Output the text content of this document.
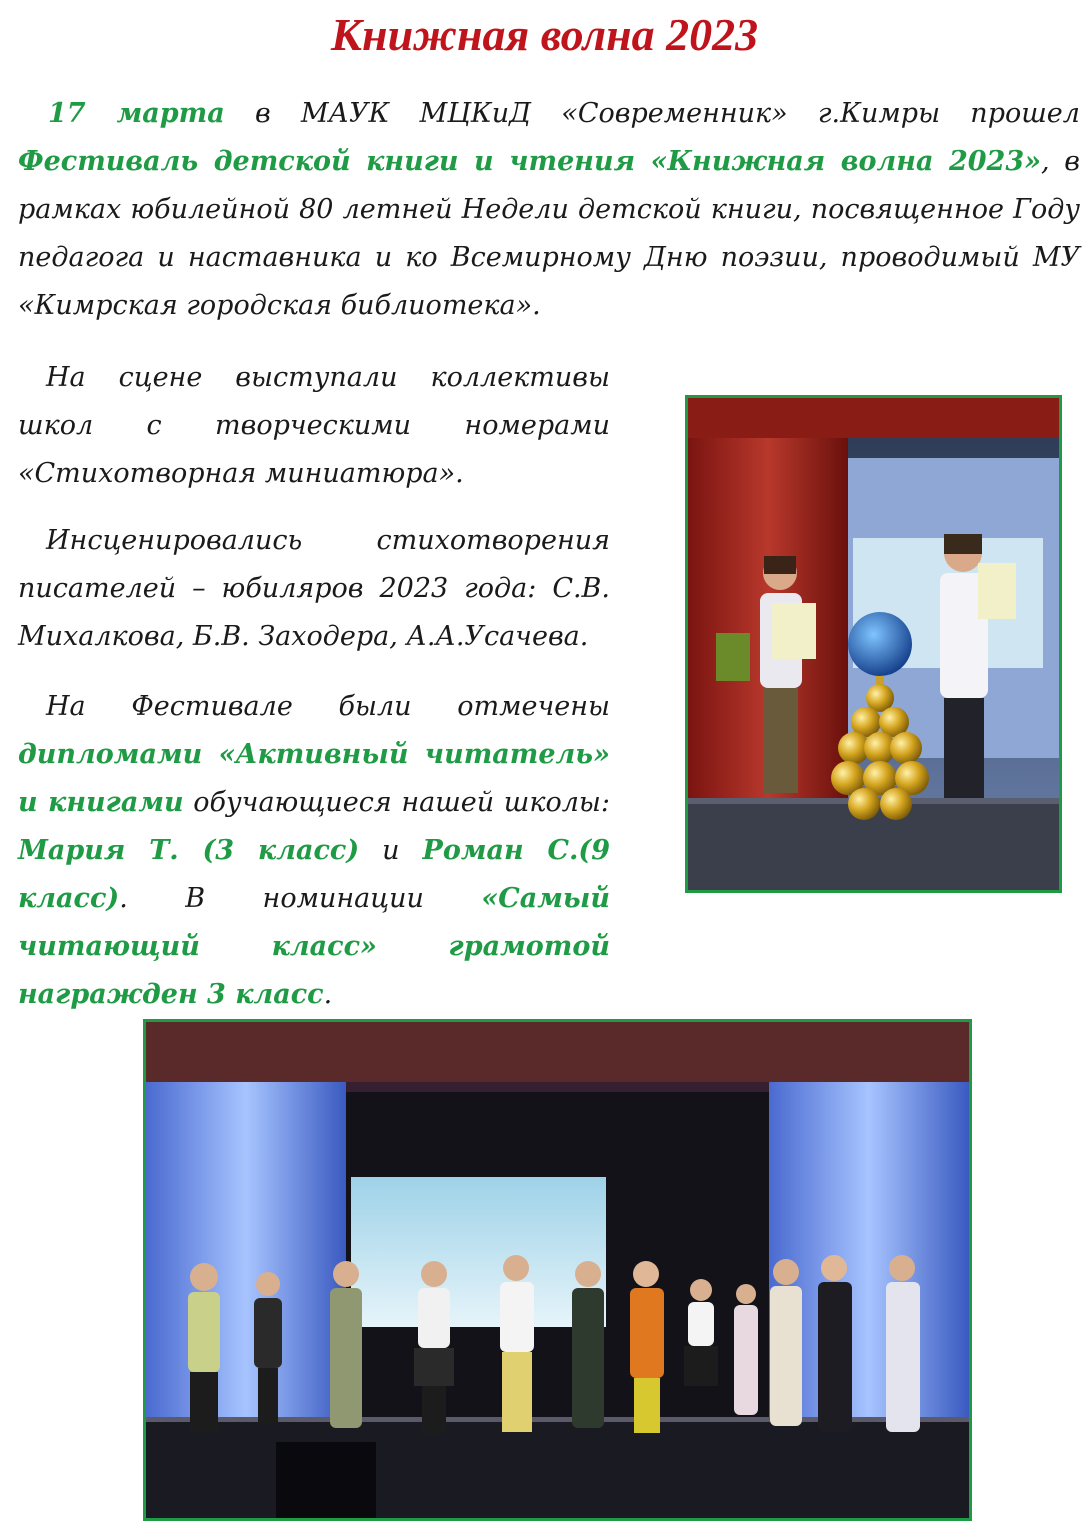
Книжная волна 2023

17 марта в МАУК МЦКиД «Современник» г.Кимры прошел Фестиваль детской книги и чтения «Книжная волна 2023», в рамках юбилейной 80 летней Недели детской книги, посвященное Году педагога и наставника и ко Всемирному Дню поэзии, проводимый МУ «Кимрская городская библиотека».

На сцене выступали коллективы школ с творческими номерами «Стихотворная миниатюра».

Инсценировались стихотворения писателей – юбиляров 2023 года: С.В. Михалкова, Б.В. Заходера, А.А.Усачева.

На Фестивале были отмечены дипломами «Активный читатель» и книгами обучающиеся нашей школы: Мария Т. (3 класс) и Роман С.(9 класс). В номинации «Самый читающий класс» грамотой награжден 3 класс.
